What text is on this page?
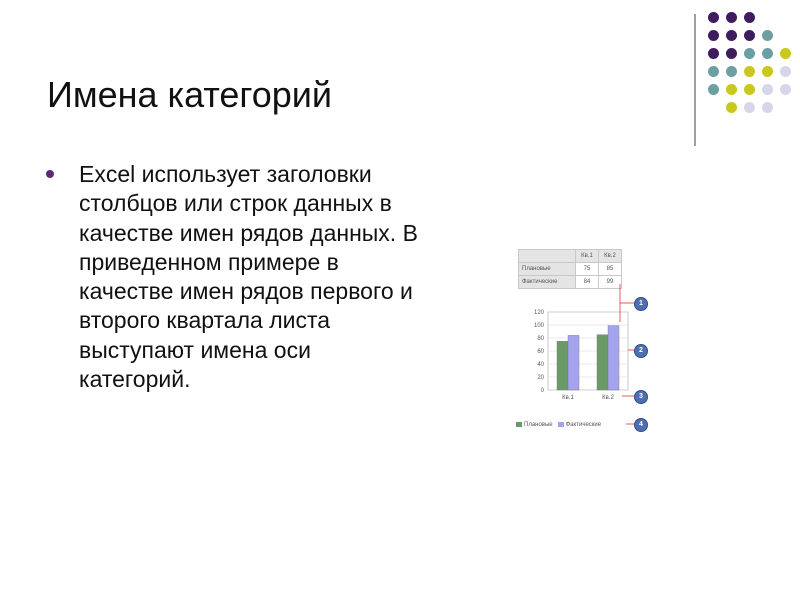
Имена категорий
Excel использует заголовки столбцов или строк данных в качестве имен рядов данных. В приведенном примере в качестве имен рядов первого и второго квартала листа выступают имена оси категорий.
	Кв.1	Кв.2
Плановые	75	85
Фактические	84	99
0
20
40
60
80
100
120
Кв.1	Кв.2
1
2
3
4
Плановые Фактические
